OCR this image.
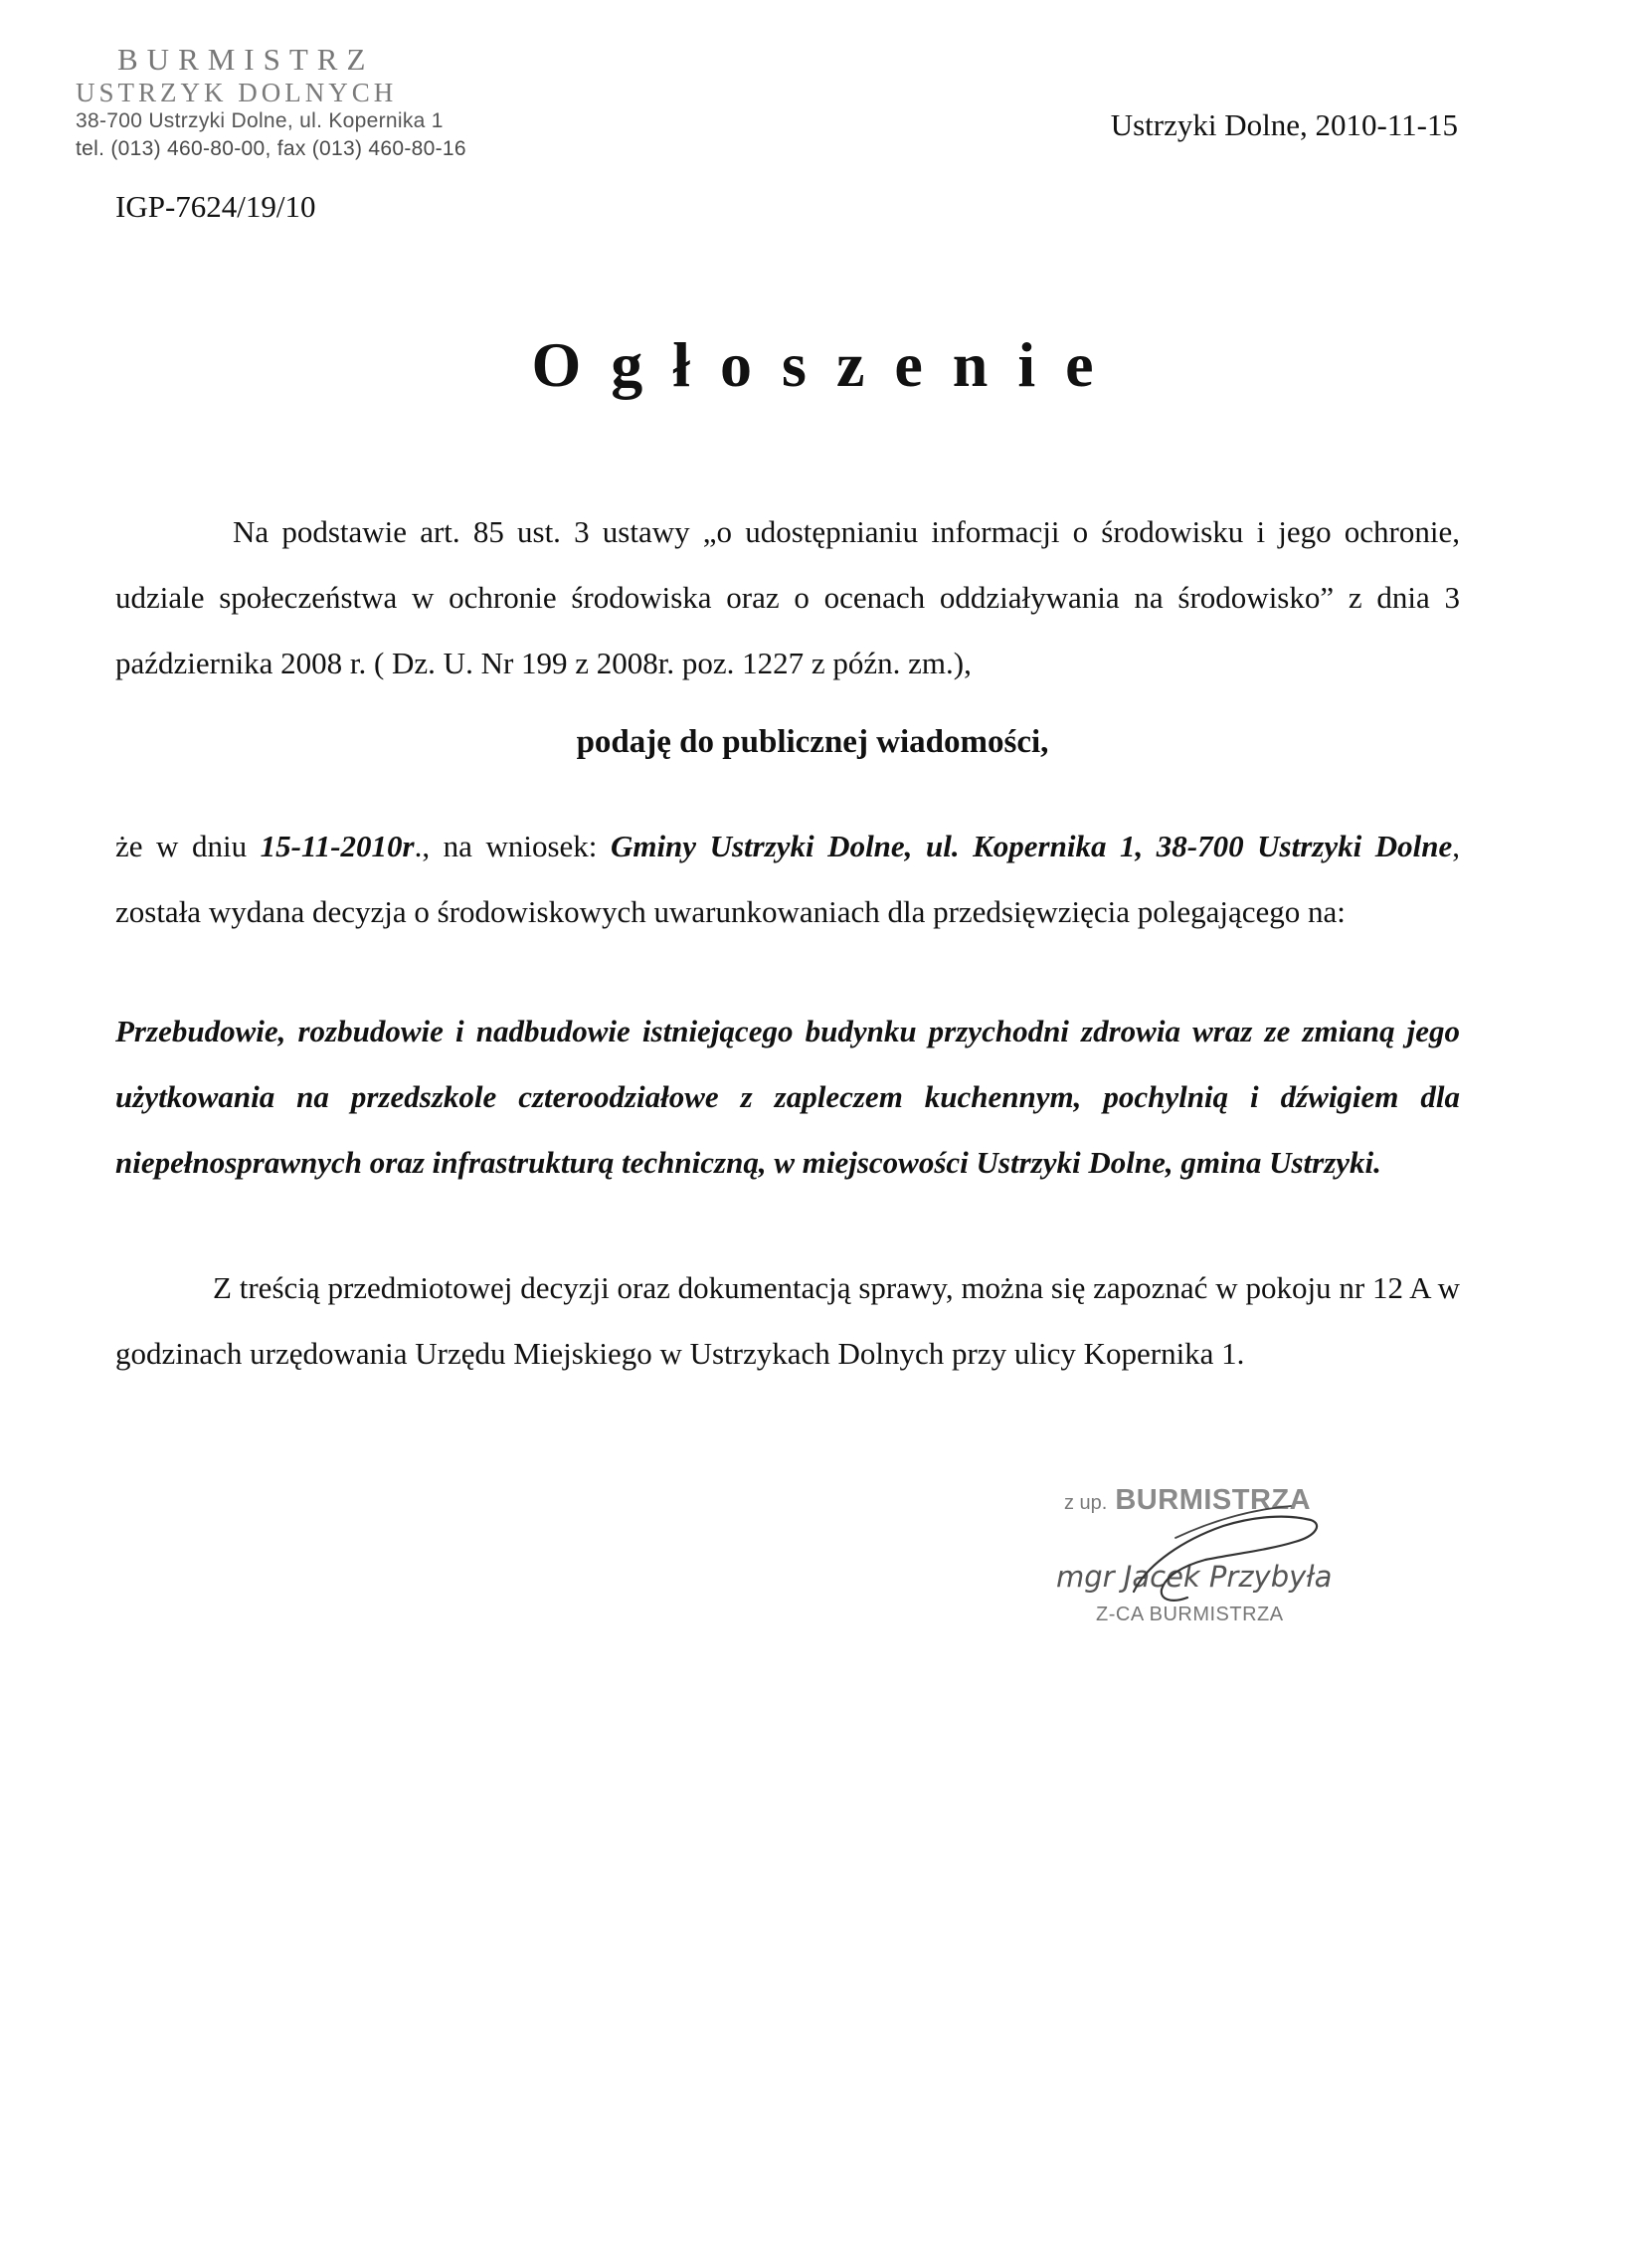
BURMISTRZ
USTRZYK DOLNYCH
38-700 Ustrzyki Dolne, ul. Kopernika 1
tel. (013) 460-80-00, fax (013) 460-80-16
Ustrzyki Dolne, 2010-11-15
IGP-7624/19/10
Ogłoszenie
Na podstawie art. 85 ust. 3 ustawy „o udostępnianiu informacji o środowisku i jego ochronie, udziale społeczeństwa w ochronie środowiska oraz o ocenach oddziaływania na środowisko” z dnia 3 października 2008 r. ( Dz. U. Nr 199 z 2008r. poz. 1227 z późn. zm.),
podaję do publicznej wiadomości,
że w dniu 15-11-2010r., na wniosek: Gminy Ustrzyki Dolne, ul. Kopernika 1, 38-700 Ustrzyki Dolne, została wydana decyzja o środowiskowych uwarunkowaniach dla przedsięwzięcia polegającego na:
Przebudowie, rozbudowie i nadbudowie istniejącego budynku przychodni zdrowia wraz ze zmianą jego użytkowania na przedszkole czteroodziałowe z zapleczem kuchennym, pochylnią i dźwigiem dla niepełnosprawnych oraz infrastrukturą techniczną, w miejscowości Ustrzyki Dolne, gmina Ustrzyki.
Z treścią przedmiotowej decyzji oraz dokumentacją sprawy, można się zapoznać w pokoju nr 12 A w godzinach urzędowania Urzędu Miejskiego w Ustrzykach Dolnych przy ulicy Kopernika 1.
z up. BURMISTRZA
mgr Jacek Przybyła
Z-CA BURMISTRZA
